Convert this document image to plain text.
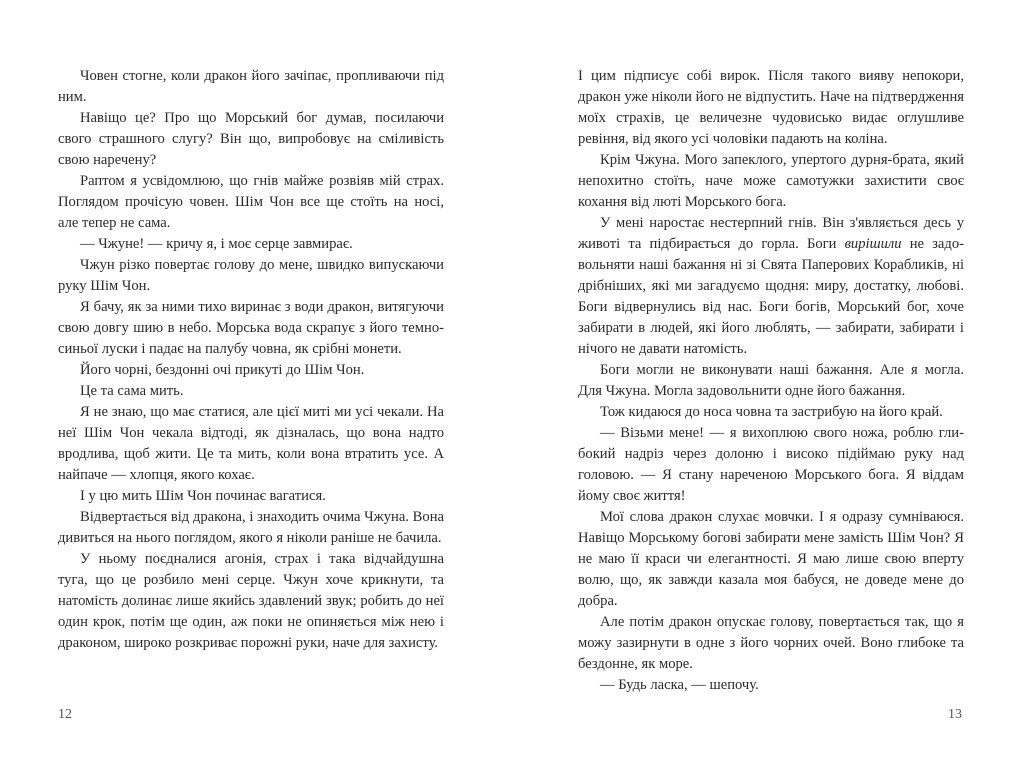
Човен стогне, коли дракон його зачіпає, пропливаючи під ним.

Навіщо це? Про що Морський бог думав, посилаючи свого страшного слугу? Він що, випробовує на сміливість свою наречену?

Раптом я усвідомлюю, що гнів майже розвіяв мій страх. Поглядом прочісую човен. Шім Чон все ще стоїть на носі, але тепер не сама.

— Чжуне! — кричу я, і моє серце завмирає.

Чжун різко повертає голову до мене, швидко випускаючи руку Шім Чон.

Я бачу, як за ними тихо виринає з води дракон, витягуючи свою довгу шию в небо. Морська вода скрапує з його темно-синьої луски і падає на палубу човна, як срібні монети.

Його чорні, бездонні очі прикуті до Шім Чон.

Це та сама мить.

Я не знаю, що має статися, але цієї миті ми усі чекали. На неї Шім Чон чекала відтоді, як дізналась, що вона надто вродлива, щоб жити. Це та мить, коли вона втратить усе. А найпаче — хлопця, якого кохає.

І у цю мить Шім Чон починає вагатися.

Відвертається від дракона, і знаходить очима Чжуна. Вона дивиться на нього поглядом, якого я ніколи раніше не бачила.

У ньому поєдналися агонія, страх і така відчайдушна туга, що це розбило мені серце. Чжун хоче крикнути, та натомість долинає лише якийсь здавлений звук; робить до неї один крок, потім ще один, аж поки не опиняється між нею і драконом, широко розкриває порожні руки, наче для захисту.

І цим підписує собі вирок. Після такого вияву непокори, дракон уже ніколи його не відпустить. Наче на підтвердження моїх страхів, це величезне чудовисько видає оглушливе ревіння, від якого усі чоловіки падають на коліна.

Крім Чжуна. Мого запеклого, упертого дурня-брата, який непохитно стоїть, наче може самотужки захистити своє кохання від люті Морського бога.

У мені наростає нестерпний гнів. Він з'являється десь у животі та підбирається до горла. Боги вирішили не задовольняти наші бажання ні зі Свята Паперових Корабликів, ні дрібніших, які ми загадуємо щодня: миру, достатку, любові. Боги відвернулись від нас. Боги богів, Морський бог, хоче забирати в людей, які його люблять, — забирати, забирати і нічого не давати натомість.

Боги могли не виконувати наші бажання. Але я могла. Для Чжуна. Могла задовольнити одне його бажання.

Тож кидаюся до носа човна та застрибую на його край.

— Візьми мене! — я вихоплюю свого ножа, роблю глибокий надріз через долоню і високо підіймаю руку над головою. — Я стану нареченою Морського бога. Я віддам йому своє життя!

Мої слова дракон слухає мовчки. І я одразу сумніваюся. Навіщо Морському богові забирати мене замість Шім Чон? Я не маю її краси чи елегантності. Я маю лише свою вперту волю, що, як завжди казала моя бабуся, не доведе мене до добра.

Але потім дракон опускає голову, повертається так, що я можу зазирнути в одне з його чорних очей. Воно глибоке та бездонне, як море.

— Будь ласка, — шепочу.

12	13
